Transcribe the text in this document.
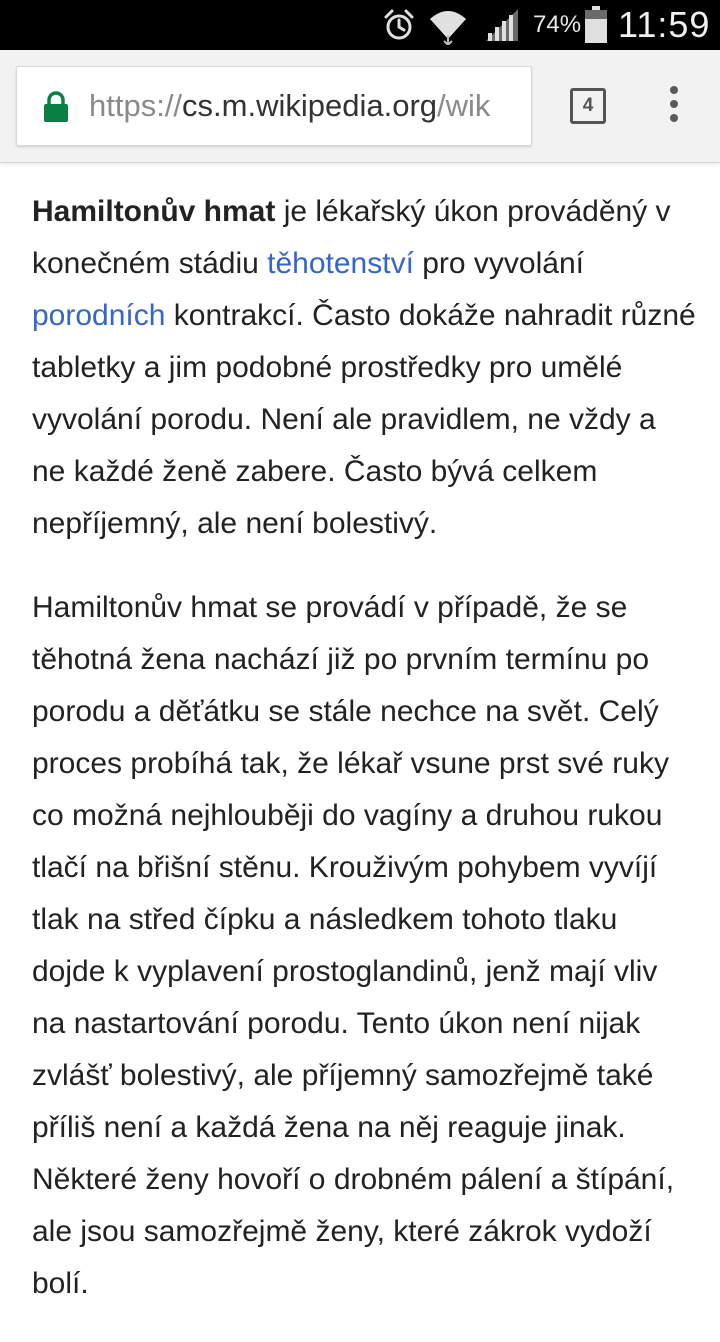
74% 11:59
https://cs.m.wikipedia.org/wik	4

Hamiltonův hmat je lékařský úkon prováděný v konečném stádiu těhotenství pro vyvolání porodních kontrakcí. Často dokáže nahradit různé tabletky a jim podobné prostředky pro umělé vyvolání porodu. Není ale pravidlem, ne vždy a ne každé ženě zabere. Často bývá celkem nepříjemný, ale není bolestivý.

Hamiltonův hmat se provádí v případě, že se těhotná žena nachází již po prvním termínu po porodu a děťátku se stále nechce na svět. Celý proces probíhá tak, že lékař vsune prst své ruky co možná nejhlouběji do vagíny a druhou rukou tlačí na břišní stěnu. Krouživým pohybem vyvíjí tlak na střed čípku a následkem tohoto tlaku dojde k vyplavení prostoglandinů, jenž mají vliv na nastartování porodu. Tento úkon není nijak zvlášť bolestivý, ale příjemný samozřejmě také příliš není a každá žena na něj reaguje jinak. Některé ženy hovoří o drobném pálení a štípání, ale jsou samozřejmě ženy, které zákrok vydoží bolí.
